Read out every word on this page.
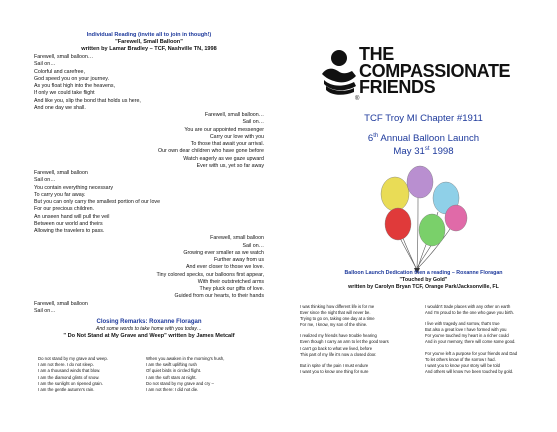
Individual Reading (invite all to join in though!)
"Farewell, Small Balloon"
written by Lamar Bradley – TCF, Nashville TN, 1998
Farewell, small balloon…
Sail on…
Colorful and carefree,
God speed you on your journey.
As you float high into the heavens,
If only we could take flight
And like you, slip the bond that holds us here,
And one day we shall.
Farewell, small balloon…
Sail on…
You are our appointed messenger
Carry our love with you
To those that await your arrival.
Our own dear children who have gone before
Watch eagerly as we gaze upward
Ever with us, yet so far away
Farewell, small balloon
Sail on…
You contain everything necessary
To carry you far away.
But you can only carry the smallest portion of our love
For our precious children.
An unseen hand will pull the veil
Between our world and theirs
Allowing the travelers to pass.
Farewell, small balloon
Sail on…
Growing ever smaller as we watch
Further away from us
And ever closer to those we love.
Tiny colored specks, our balloons first appear,
With their outstretched arms
They pluck our gifts of love.
Guided from our hearts, to their hands
Farewell, small balloon
Sail on…
Closing Remarks: Roxanne Floragan
And some words to take home with you today…
" Do Not Stand at My Grave and Weep" written by James Metcalf
Do not stand by my grave and weep.
I am not there. I do not sleep.
I am a thousand winds that blow.
I am the diamond glints of snow.
I am the sunlight on ripened grain.
I am the gentle autumn's rain.
When you awaken in the morning's hush,
I am the swift uplifting rush
Of quiet birds in circled flight.
I am the soft stars at night.
Do not stand by my grave and cry –
I am not there: I did not die.
THE
COMPASSIONATE
FRIENDS
®
TCF Troy MI Chapter #1911
6th Annual Balloon Launch
May 31st 1998
Balloon Launch Dedication then a reading – Roxanne Floragan
"Touched by Gold"
written by Carolyn Bryan TCF, Orange Park/Jacksonville, FL
I was thinking how different life is for me
Ever since the night that will never be.
Trying to go on, taking one day at a time
For me, I know, my son of the shine.
I realized my friends have trouble hearing
Even though I carry an arm to let the good tears
I can't go back to what we lived, before
This part of my life it's now a closed door.
But in spite of the pain I must endure
I want you to know one thing for sure
I wouldn't trade places with any other on earth
And I'm proud to be the one who gave you birth.
I live with tragedy and sorrow, that's true
But also a great love I have formed with you
For you've touched my heart in a richer could
And in your memory, there will come some good.
For you've left a purpose for your friends and Dad
To let others know of the sorrow I had.
I want you to know your story will be told
And others will know I've been touched by gold.
